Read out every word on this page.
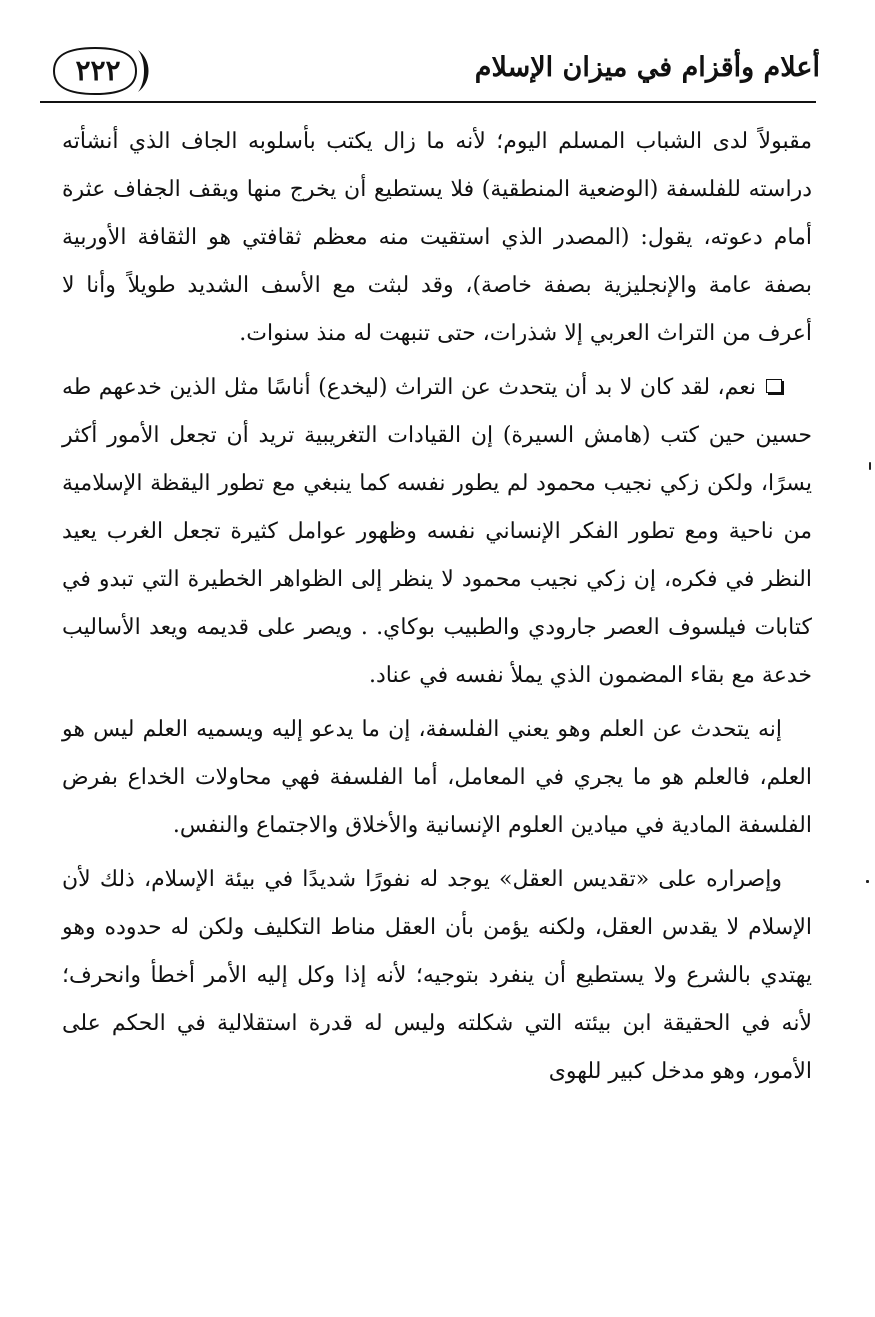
أعلام وأقزام في ميزان الإسلام
٢٢٢

مقبولاً لدى الشباب المسلم اليوم؛ لأنه ما زال يكتب بأسلوبه الجاف الذي أنشأته دراسته للفلسفة (الوضعية المنطقية) فلا يستطيع أن يخرج منها ويقف الجفاف عثرة أمام دعوته، يقول: (المصدر الذي استقيت منه معظم ثقافتي هو الثقافة الأوربية بصفة عامة والإنجليزية بصفة خاصة)، وقد لبثت مع الأسف الشديد طويلاً وأنا لا أعرف من التراث العربي إلا شذرات، حتى تنبهت له منذ سنوات.

نعم، لقد كان لا بد أن يتحدث عن التراث (ليخدع) أناسًا مثل الذين خدعهم طه حسين حين كتب (هامش السيرة) إن القيادات التغريبية تريد أن تجعل الأمور أكثر يسرًا، ولكن زكي نجيب محمود لم يطور نفسه كما ينبغي مع تطور اليقظة الإسلامية من ناحية ومع تطور الفكر الإنساني نفسه وظهور عوامل كثيرة تجعل الغرب يعيد النظر في فكره، إن زكي نجيب محمود لا ينظر إلى الظواهر الخطيرة التي تبدو في كتابات فيلسوف العصر جارودي والطبيب بوكاي. . ويصر على قديمه ويعد الأساليب خدعة مع بقاء المضمون الذي يملأ نفسه في عناد.

إنه يتحدث عن العلم وهو يعني الفلسفة، إن ما يدعو إليه ويسميه العلم ليس هو العلم، فالعلم هو ما يجري في المعامل، أما الفلسفة فهي محاولات الخداع بفرض الفلسفة المادية في ميادين العلوم الإنسانية والأخلاق والاجتماع والنفس.

وإصراره على «تقديس العقل» يوجد له نفورًا شديدًا في بيئة الإسلام، ذلك لأن الإسلام لا يقدس العقل، ولكنه يؤمن بأن العقل مناط التكليف ولكن له حدوده وهو يهتدي بالشرع ولا يستطيع أن ينفرد بتوجيه؛ لأنه إذا وكل إليه الأمر أخطأ وانحرف؛ لأنه في الحقيقة ابن بيئته التي شكلته وليس له قدرة استقلالية في الحكم على الأمور، وهو مدخل كبير للهوى
